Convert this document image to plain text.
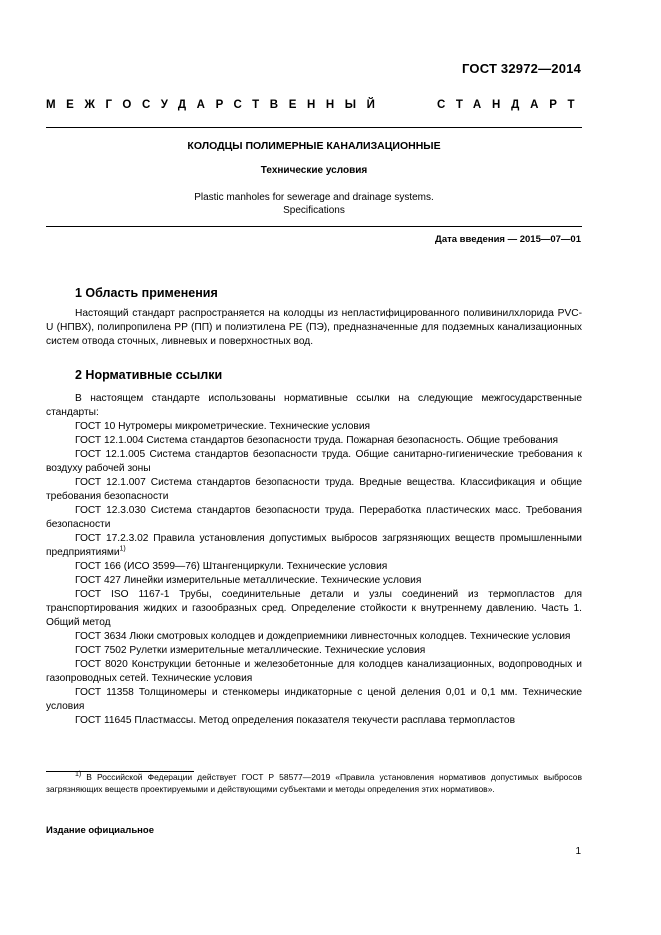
ГОСТ 32972—2014
МЕЖГОСУДАРСТВЕННЫЙ	СТАНДАРТ
КОЛОДЦЫ ПОЛИМЕРНЫЕ КАНАЛИЗАЦИОННЫЕ
Технические условия
Plastic manholes for sewerage and drainage systems.
Specifications
Дата введения — 2015—07—01
1 Область применения

Настоящий стандарт распространяется на колодцы из непластифицированного поливинилхлорида PVC-U (НПВХ), полипропилена PP (ПП) и полиэтилена PE (ПЭ), предназначенные для подземных канализационных систем отвода сточных, ливневых и поверхностных вод.

2 Нормативные ссылки

В настоящем стандарте использованы нормативные ссылки на следующие межгосударственные стандарты:

ГОСТ 10 Нутромеры микрометрические. Технические условия

ГОСТ 12.1.004 Система стандартов безопасности труда. Пожарная безопасность. Общие требования

ГОСТ 12.1.005 Система стандартов безопасности труда. Общие санитарно-гигиенические требования к воздуху рабочей зоны

ГОСТ 12.1.007 Система стандартов безопасности труда. Вредные вещества. Классификация и общие требования безопасности

ГОСТ 12.3.030 Система стандартов безопасности труда. Переработка пластических масс. Требования безопасности

ГОСТ 17.2.3.02 Правила установления допустимых выбросов загрязняющих веществ промышленными предприятиями$^{1)}$

ГОСТ 166 (ИСО 3599—76) Штангенциркули. Технические условия

ГОСТ 427 Линейки измерительные металлические. Технические условия

ГОСТ ISO 1167-1 Трубы, соединительные детали и узлы соединений из термопластов для транспортирования жидких и газообразных сред. Определение стойкости к внутреннему давлению. Часть 1. Общий метод

ГОСТ 3634 Люки смотровых колодцев и дождеприемники ливнесточных колодцев. Технические условия

ГОСТ 7502 Рулетки измерительные металлические. Технические условия

ГОСТ 8020 Конструкции бетонные и железобетонные для колодцев канализационных, водопроводных и газопроводных сетей. Технические условия

ГОСТ 11358 Толщиномеры и стенкомеры индикаторные с ценой деления 0,01 и 0,1 мм. Технические условия

ГОСТ 11645 Пластмассы. Метод определения показателя текучести расплава термопластов

$^{1)}$ В Российской Федерации действует ГОСТ Р 58577—2019 «Правила установления нормативов допустимых выбросов загрязняющих веществ проектируемыми и действующими субъектами и методы определения этих нормативов».
Издание официальное
1
